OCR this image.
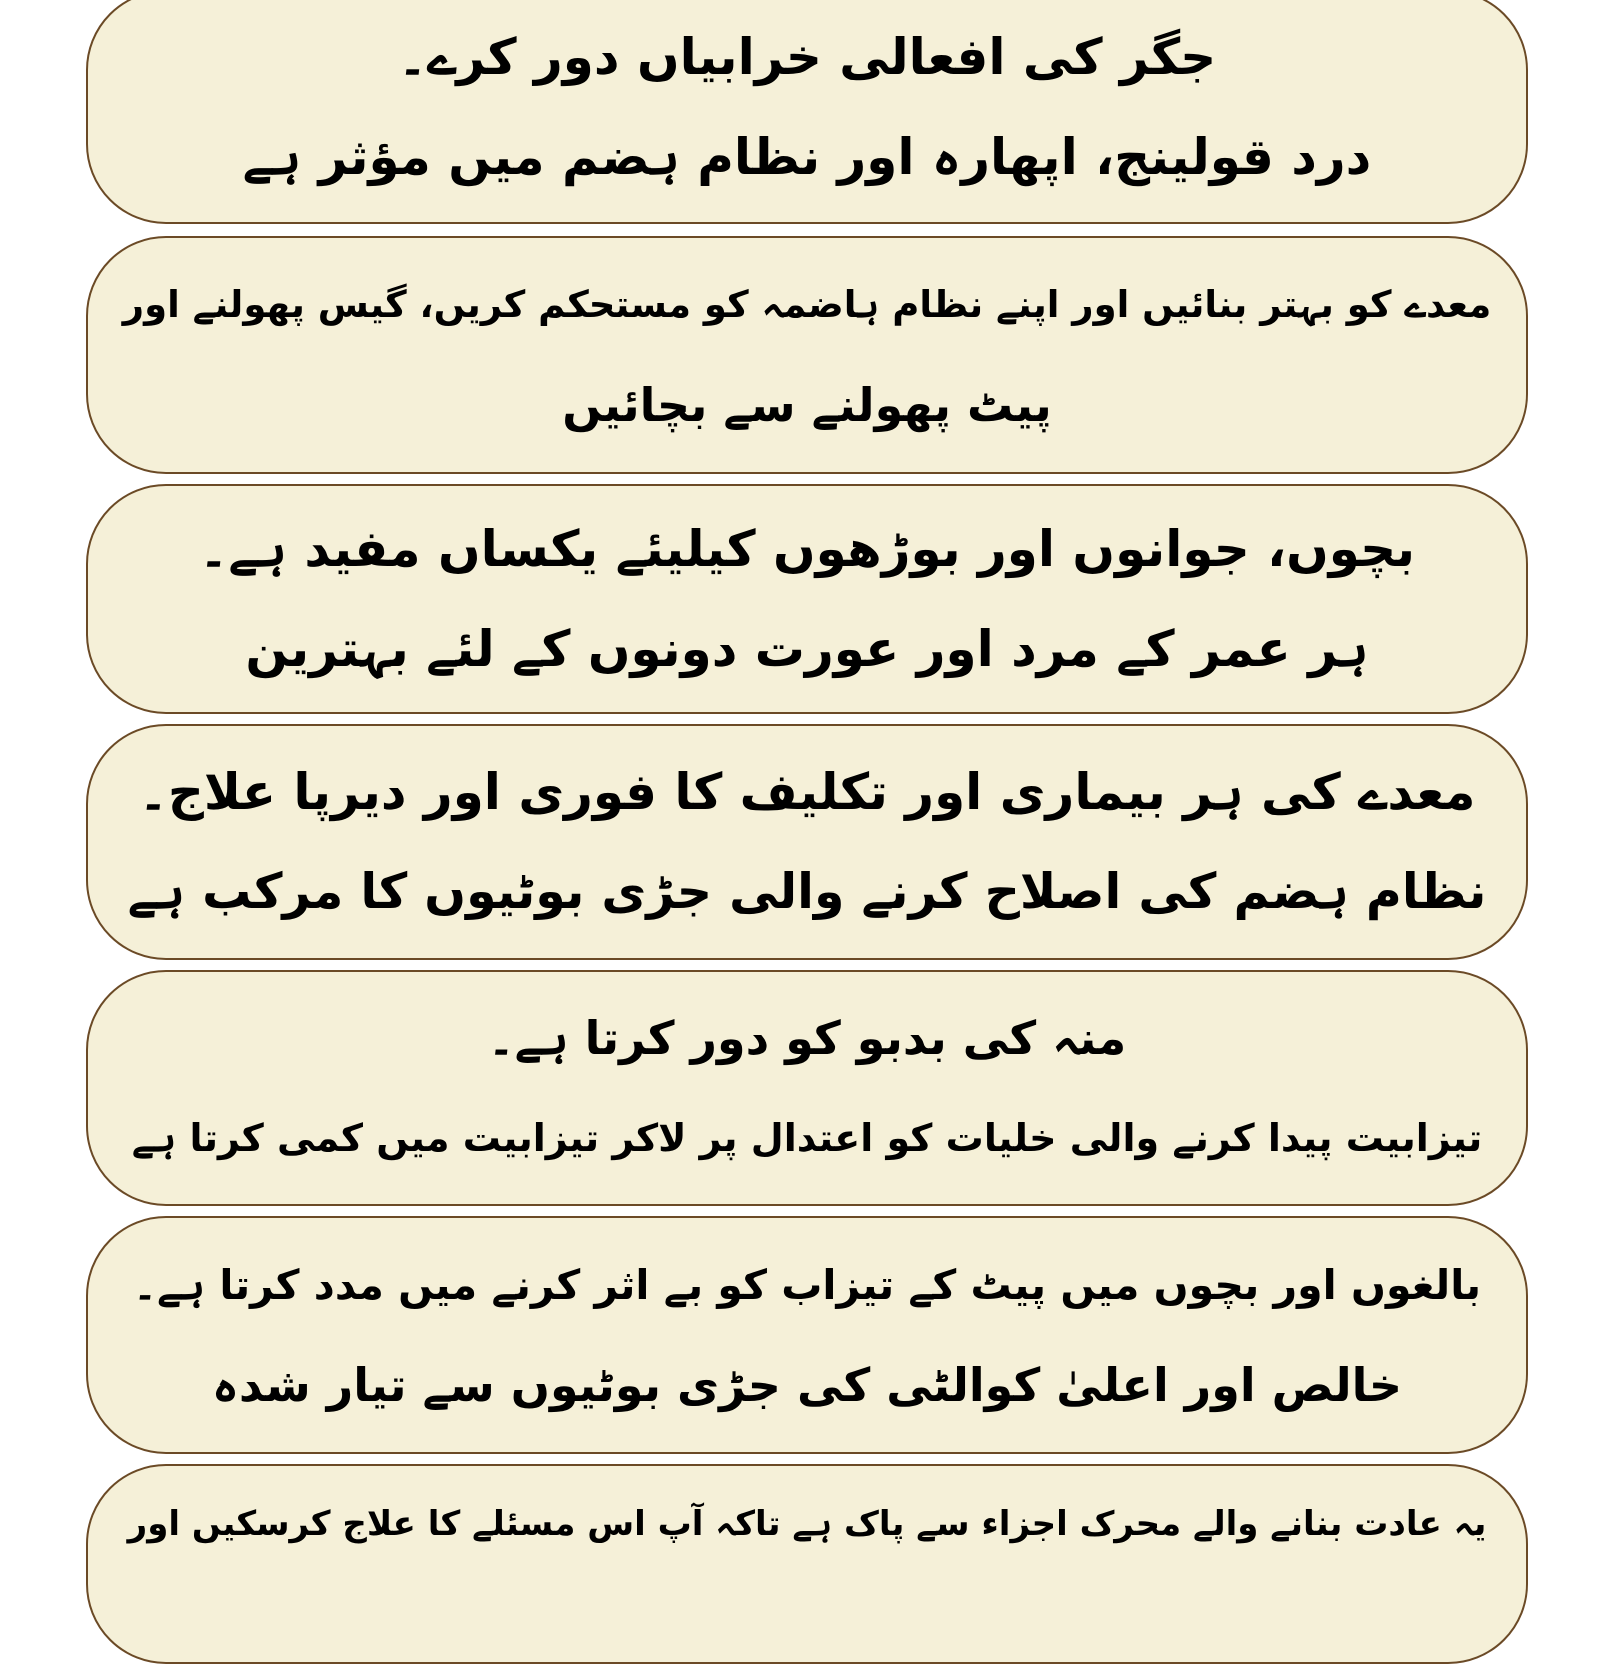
جگر کی افعالی خرابیاں دور کرے۔
درد قولینج، اپھارہ اور نظام ہضم میں مؤثر ہے
معدے کو بہتر بنائیں اور اپنے نظام ہاضمہ کو مستحکم کریں، گیس پھولنے اور
پیٹ پھولنے سے بچائیں
بچوں، جوانوں اور بوڑھوں کیلیئے یکساں مفید ہے۔
ہر عمر کے مرد اور عورت دونوں کے لئے بہترین
معدے کی ہر بیماری اور تکلیف کا فوری اور دیرپا علاج۔
نظام ہضم کی اصلاح کرنے والی جڑی بوٹیوں کا مرکب ہے
منہ کی بدبو کو دور کرتا ہے۔
تیزابیت پیدا کرنے والی خلیات کو اعتدال پر لاکر تیزابیت میں کمی کرتا ہے
بالغوں اور بچوں میں پیٹ کے تیزاب کو بے اثر کرنے میں مدد کرتا ہے۔
خالص اور اعلیٰ کوالٹی کی جڑی بوٹیوں سے تیار شدہ
یہ عادت بنانے والے محرک اجزاء سے پاک ہے تاکہ آپ اس مسئلے کا علاج کرسکیں اور
